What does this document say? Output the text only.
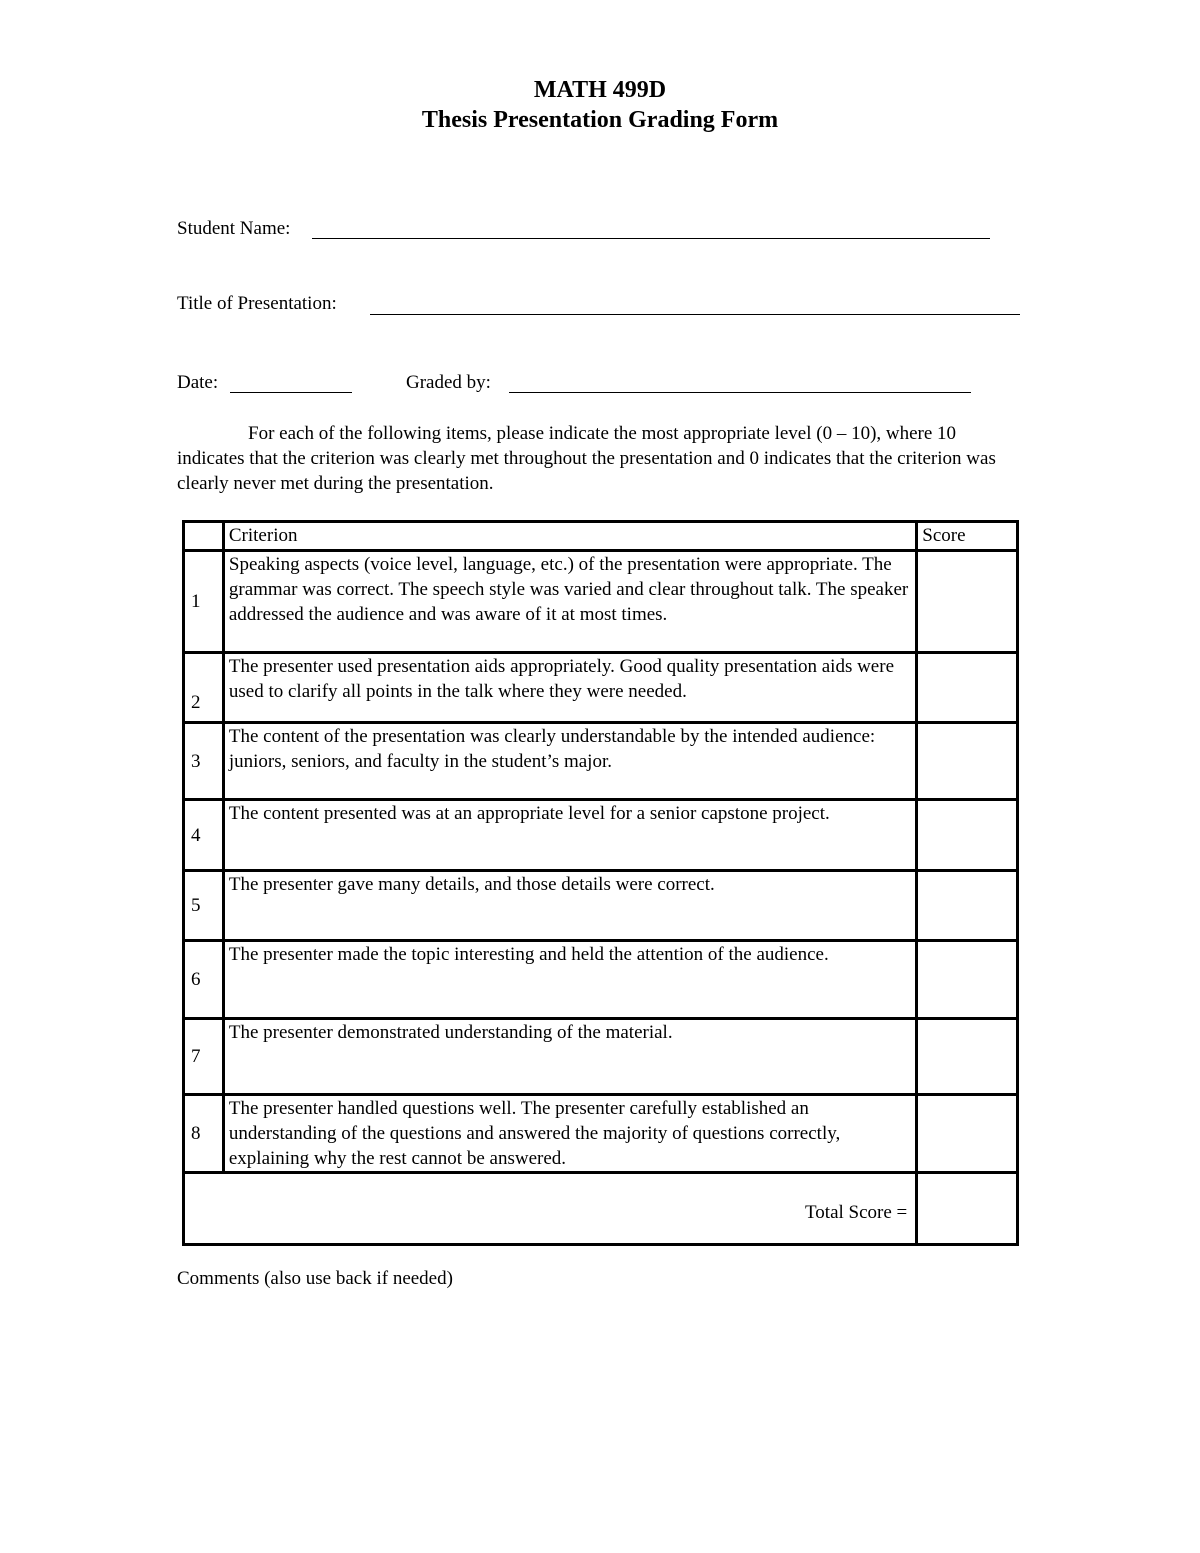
MATH 499D
Thesis Presentation Grading Form
Student Name:
Title of Presentation:
Date:	Graded by:

For each of the following items, please indicate the most appropriate level (0 – 10), where 10 indicates that the criterion was clearly met throughout the presentation and 0 indicates that the criterion was clearly never met during the presentation.

	Criterion	Score
1	Speaking aspects (voice level, language, etc.) of the presentation were appropriate. The grammar was correct. The speech style was varied and clear throughout talk. The speaker addressed the audience and was aware of it at most times.	
2	The presenter used presentation aids appropriately. Good quality presentation aids were used to clarify all points in the talk where they were needed.	
3	The content of the presentation was clearly understandable by the intended audience: juniors, seniors, and faculty in the student’s major.	
4	The content presented was at an appropriate level for a senior capstone project.	
5	The presenter gave many details, and those details were correct.	
6	The presenter made the topic interesting and held the attention of the audience.	
7	The presenter demonstrated understanding of the material.	
8	The presenter handled questions well. The presenter carefully established an understanding of the questions and answered the majority of questions correctly, explaining why the rest cannot be answered.	
Total Score =		
Comments (also use back if needed)
